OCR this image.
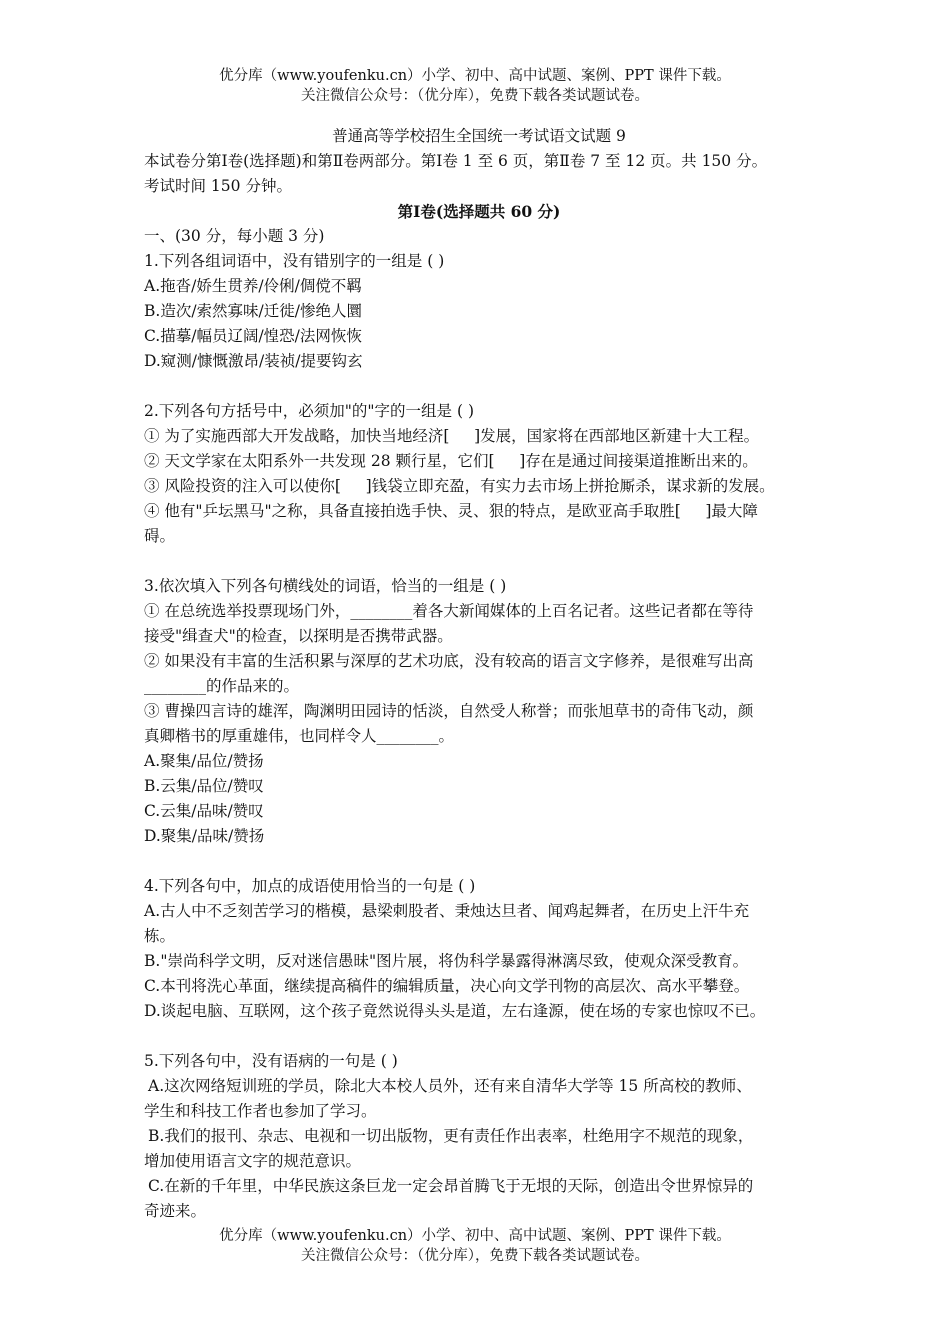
优分库（www.youfenku.cn）小学、初中、高中试题、案例、PPT 课件下载。
关注微信公众号：（优分库），免费下载各类试题试卷。

普通高等学校招生全国统一考试语文试题 9

本试卷分第Ⅰ卷(选择题)和第Ⅱ卷两部分。第Ⅰ卷 1 至 6 页，第Ⅱ卷 7 至 12 页。共 150 分。

考试时间 150 分钟。

第Ⅰ卷(选择题共 60 分)

一、(30 分，每小题 3 分)

1.下列各组词语中，没有错别字的一组是 ( )

A.拖沓/娇生贯养/伶俐/倜傥不羁

B.造次/索然寡味/迁徙/惨绝人圜

C.描摹/幅员辽阔/惶恐/法网恢恢

D.窥测/慷慨激昂/装祯/提要钩玄

2.下列各句方括号中，必须加"的"字的一组是 ( )

① 为了实施西部大开发战略，加快当地经济[     ]发展，国家将在西部地区新建十大工程。

② 天文学家在太阳系外一共发现 28 颗行星，它们[     ]存在是通过间接渠道推断出来的。

③ 风险投资的注入可以使你[     ]钱袋立即充盈，有实力去市场上拼抢厮杀，谋求新的发展。

④ 他有"乒坛黑马"之称，具备直接拍选手快、灵、狠的特点，是欧亚高手取胜[     ]最大障

碍。

3.依次填入下列各句横线处的词语，恰当的一组是 ( )

① 在总统选举投票现场门外，________着各大新闻媒体的上百名记者。这些记者都在等待

接受"缉查犬"的检查，以探明是否携带武器。

② 如果没有丰富的生活积累与深厚的艺术功底，没有较高的语言文字修养，是很难写出高

________的作品来的。

③ 曹操四言诗的雄浑，陶渊明田园诗的恬淡，自然受人称誉；而张旭草书的奇伟飞动，颜

真卿楷书的厚重雄伟，也同样令人________。

A.聚集/品位/赞扬

B.云集/品位/赞叹

C.云集/品味/赞叹

D.聚集/品味/赞扬

4.下列各句中，加点的成语使用恰当的一句是 ( )

A.古人中不乏刻苦学习的楷模，悬梁刺股者、秉烛达旦者、闻鸡起舞者，在历史上汗牛充

栋。

B."崇尚科学文明，反对迷信愚昧"图片展，将伪科学暴露得淋漓尽致，使观众深受教育。

C.本刊将洗心革面，继续提高稿件的编辑质量，决心向文学刊物的高层次、高水平攀登。

D.谈起电脑、互联网，这个孩子竟然说得头头是道，左右逢源，使在场的专家也惊叹不已。

5.下列各句中，没有语病的一句是 ( )

A.这次网络短训班的学员，除北大本校人员外，还有来自清华大学等 15 所高校的教师、

学生和科技工作者也参加了学习。

B.我们的报刊、杂志、电视和一切出版物，更有责任作出表率，杜绝用字不规范的现象，

增加使用语言文字的规范意识。

C.在新的千年里，中华民族这条巨龙一定会昂首腾飞于无垠的天际，创造出令世界惊异的

奇迹来。

优分库（www.youfenku.cn）小学、初中、高中试题、案例、PPT 课件下载。
关注微信公众号：（优分库），免费下载各类试题试卷。
